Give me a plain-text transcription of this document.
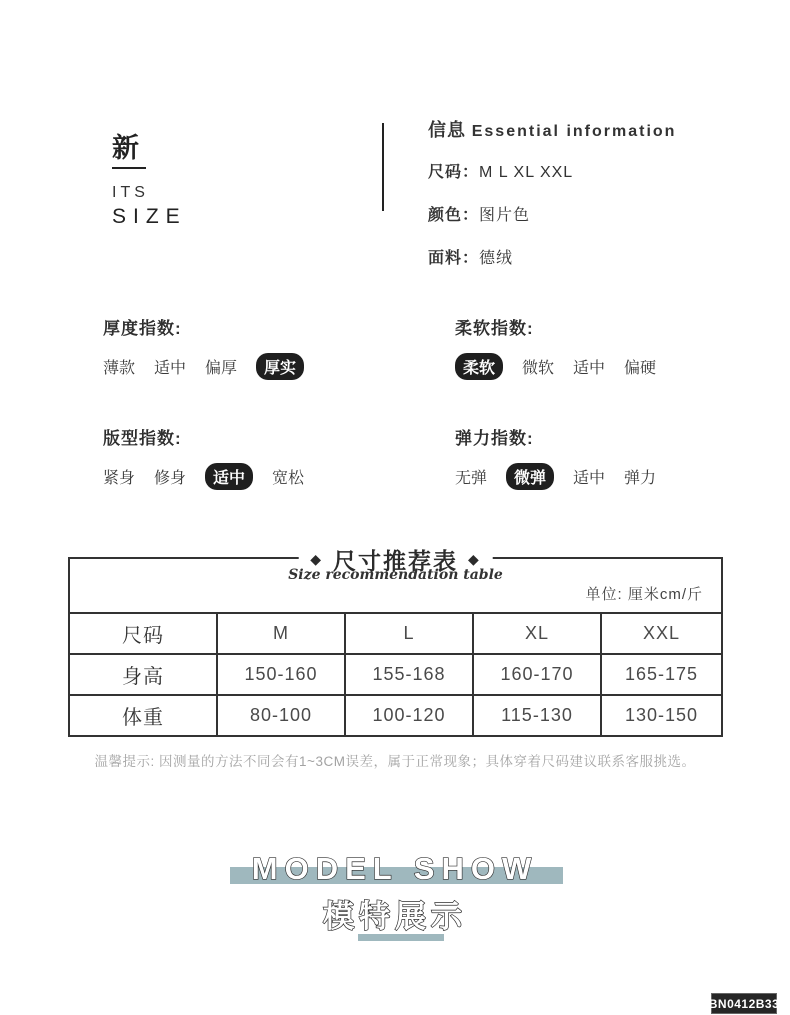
新
ITS
SIZE
信息 Essential information
尺码：M L XL XXL
颜色：图片色
面料：德绒
厚度指数:
薄款 适中 偏厚	厚实
柔软指数:
柔软	微软 适中 偏硬
版型指数:
紧身 修身	适中	宽松
弹力指数:
无弹	微弹	适中 弹力
◆ 尺寸推荐表 ◆
Size recommendation table
单位: 厘米cm/斤
尺码	M	L	XL	XXL
身高	150-160	155-168	160-170	165-175
体重	80-100	100-120	115-130	130-150
温馨提示: 因测量的方法不同会有1~3CM误差，属于正常现象；具体穿着尺码建议联系客服挑选。
MODEL SHOW
模特展示
BN0412B33
